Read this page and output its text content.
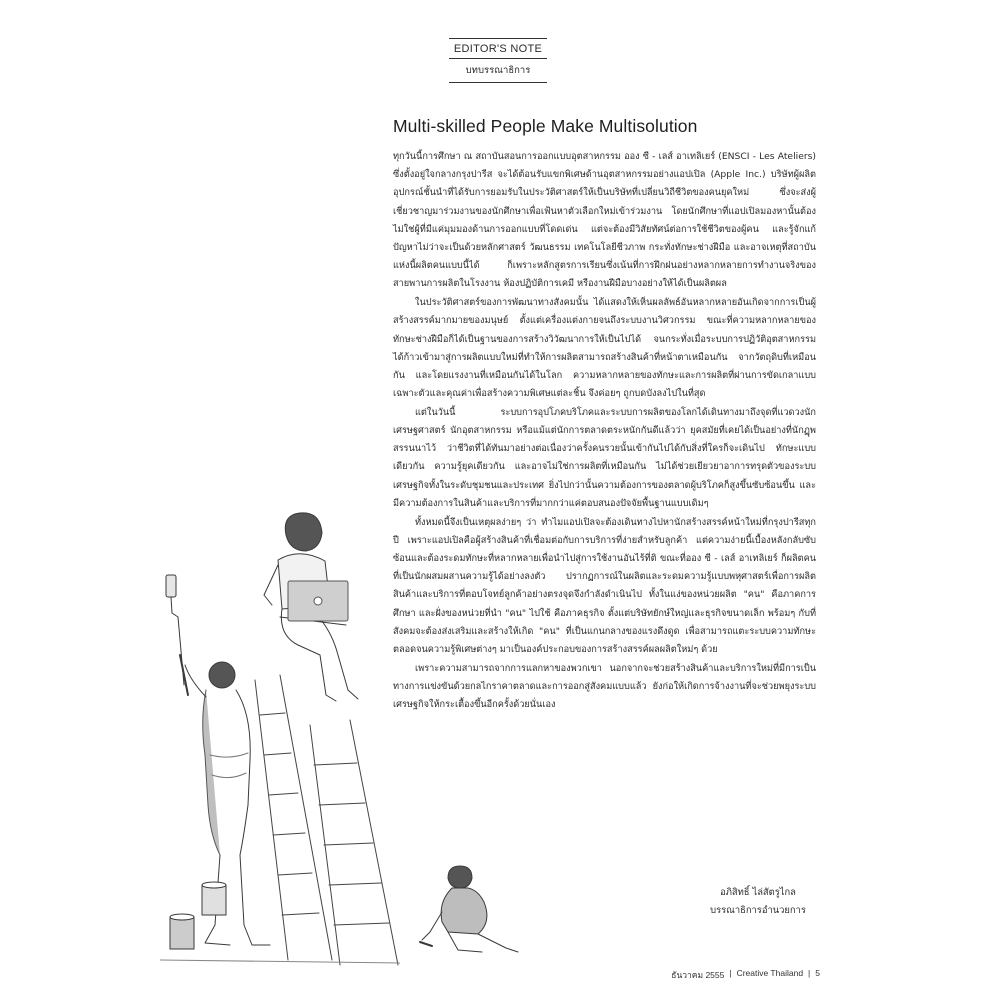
EDITOR'S NOTE
บทบรรณาธิการ
Multi-skilled People Make Multisolution

ทุกวันนี้การศึกษา ณ สถาบันสอนการออกแบบอุตสาหกรรม ออง ซี - เลส์ อาเทลิเยร์ (ENSCI - Les Ateliers) ซึ่งตั้งอยู่ใจกลางกรุงปารีส จะได้ต้อนรับแขกพิเศษด้านอุตสาหกรรมอย่างแอปเปิล (Apple Inc.) บริษัทผู้ผลิตอุปกรณ์ชั้นนำที่ได้รับการยอมรับในประวัติศาสตร์ให้เป็นบริษัทที่เปลี่ยนวิถีชีวิตของคนยุคใหม่ ซึ่งจะส่งผู้เชี่ยวชาญมาร่วมงานของนักศึกษาเพื่อเฟ้นหาตัวเลือกใหม่เข้าร่วมงาน โดยนักศึกษาที่แอปเปิลมองหานั้นต้องไม่ใช่ผู้ที่มีแค่มุมมองด้านการออกแบบที่โดดเด่น แต่จะต้องมีวิสัยทัศน์ต่อการใช้ชีวิตของผู้คน และรู้จักแก้ปัญหาไม่ว่าจะเป็นด้วยหลักศาสตร์ วัฒนธรรม เทคโนโลยีชีวภาพ กระทั่งทักษะช่างฝีมือ และอาจเหตุที่สถาบันแห่งนี้ผลิตคนแบบนี้ได้ ก็เพราะหลักสูตรการเรียนซึ่งเน้นที่การฝึกฝนอย่างหลากหลายการทำงานจริงของสายพานการผลิตในโรงงาน ห้องปฏิบัติการเคมี หรืองานฝีมือบางอย่างให้ได้เป็นผลิตผล

ในประวัติศาสตร์ของการพัฒนาทางสังคมนั้น ได้แสดงให้เห็นผลลัพธ์อันหลากหลายอันเกิดจากการเป็นผู้สร้างสรรค์มากมายของมนุษย์ ตั้งแต่เครื่องแต่งกายจนถึงระบบงานวิศวกรรม ขณะที่ความหลากหลายของทักษะช่างฝีมือก็ได้เป็นฐานของการสร้างวิวัฒนาการให้เป็นไปได้ จนกระทั่งเมื่อระบบการปฏิวัติอุตสาหกรรมได้ก้าวเข้ามาสู่การผลิตแบบใหม่ที่ทำให้การผลิตสามารถสร้างสินค้าที่หน้าตาเหมือนกัน จากวัตถุดิบที่เหมือนกัน และโดยแรงงานที่เหมือนกันได้ในโลก ความหลากหลายของทักษะและการผลิตที่ผ่านการขัดเกลาแบบเฉพาะตัวและคุณค่าเพื่อสร้างความพิเศษแต่ละชิ้น จึงค่อยๆ ถูกบดบังลงไปในที่สุด

แต่ในวันนี้ ระบบการอุปโภคบริโภคและระบบการผลิตของโลกได้เดินทางมาถึงจุดที่แวดวงนักเศรษฐศาสตร์ นักอุตสาหกรรม หรือแม้แต่นักการตลาดตระหนักกันดีแล้วว่า ยุคสมัยที่เคยได้เป็นอย่างที่นักฏุพสรรนนาไว้ ว่าชีวิตที่ได้ทันมาอย่างต่อเนื่องว่าครั้งคนรวยนั้นเข้ากันไปได้กับสิ่งที่ใครก็จะเดินไป ทักษะแบบเดียวกัน ความรู้ยุคเดียวกัน และอาจไม่ใช่การผลิตที่เหมือนกัน ไม่ได้ช่วยเยียวยาอาการทรุดตัวของระบบเศรษฐกิจทั้งในระดับชุมชนและประเทศ ยิ่งไปกว่านั้นความต้องการของตลาดผู้บริโภคก็สูงขึ้นซับซ้อนขึ้น และมีความต้องการในสินค้าและบริการที่มากกว่าแค่ตอบสนองปัจจัยพื้นฐานแบบเดิมๆ

ทั้งหมดนี้จึงเป็นเหตุผลง่ายๆ ว่า ทำไมแอปเปิลจะต้องเดินทางไปหานักสร้างสรรค์หน้าใหม่ที่กรุงปารีสทุกปี เพราะแอปเปิลคือผู้สร้างสินค้าที่เชื่อมต่อกับการบริการที่ง่ายสำหรับลูกค้า แต่ความง่ายนี้เบื้องหลังกลับซับซ้อนและต้องระดมทักษะที่หลากหลายเพื่อนำไปสู่การใช้งานอันไร้ที่ติ ขณะที่ออง ซี - เลส์ อาเทลิเยร์ ก็ผลิตคนที่เป็นนักผสมผสานความรู้ได้อย่างลงตัว ปรากฏการณ์ในผลิตและระดมความรู้แบบพหุศาสตร์เพื่อการผลิตสินค้าและบริการที่ตอบโจทย์ลูกค้าอย่างตรงจุดจึงกำลังดำเนินไป ทั้งในแง่ของหน่วยผลิต "คน" คือภาคการศึกษา และฝั่งของหน่วยที่นำ "คน" ไปใช้ คือภาคธุรกิจ ตั้งแต่บริษัทยักษ์ใหญ่และธุรกิจขนาดเล็ก พร้อมๆ กับที่สังคมจะต้องส่งเสริมและสร้างให้เกิด "คน" ที่เป็นแกนกลางของแรงดึงดูด เพื่อสามารถแตะระบบความทักษะตลอดจนความรู้พิเศษต่างๆ มาเป็นองค์ประกอบของการสร้างสรรค์ผลผลิตใหม่ๆ ด้วย

เพราะความสามารถจากการแลกหาของพวกเขา นอกจากจะช่วยสร้างสินค้าและบริการใหม่ที่มีการเป็นทางการแข่งขันด้วยกลไกราคาตลาดและการออกสู่สังคมแบบแล้ว ยังก่อให้เกิดการจ้างงานที่จะช่วยพยุงระบบเศรษฐกิจให้กระเตื้องขึ้นอีกครั้งด้วยนั่นเอง

อภิสิทธิ์ ไล่สัตรูไกล
บรรณาธิการอำนวยการ
ธันวาคม 2555 | Creative Thailand | 5
